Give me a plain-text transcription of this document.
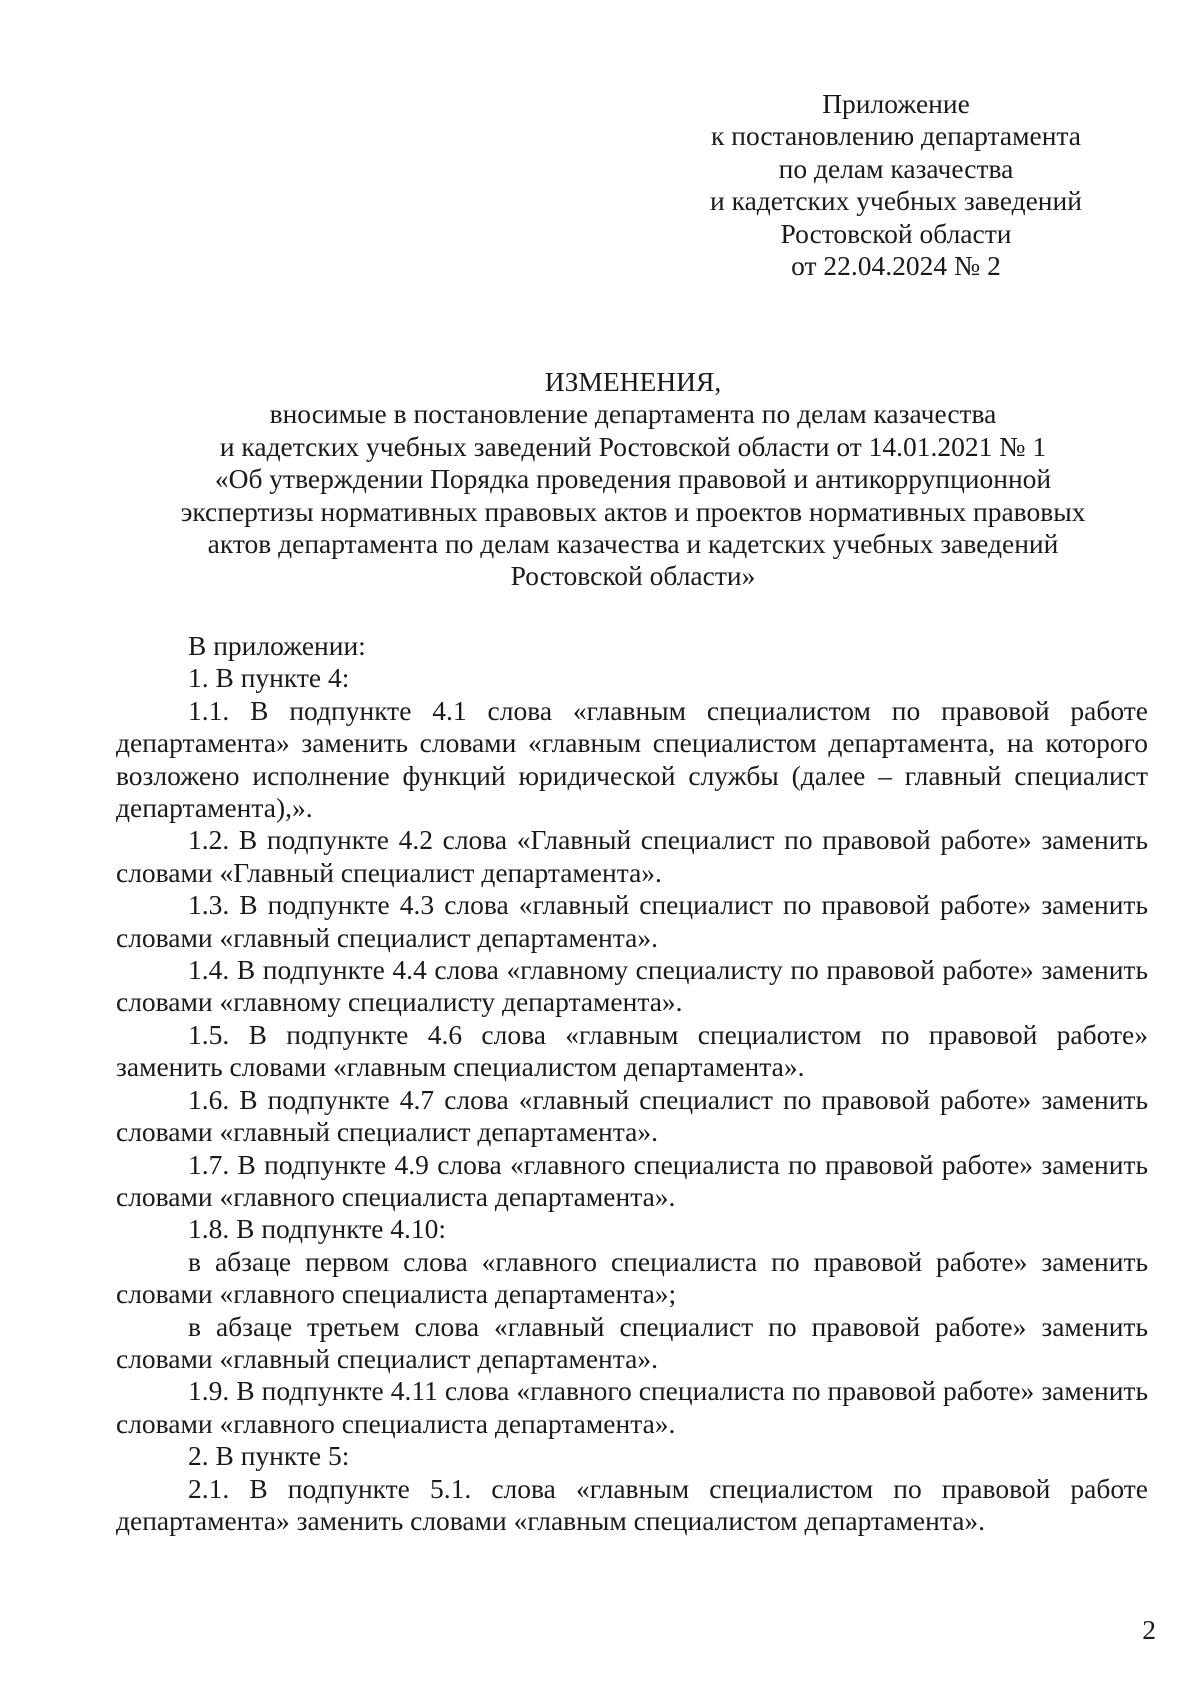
Приложение
к постановлению департамента
по делам казачества
и кадетских учебных заведений
Ростовской области
от 22.04.2024 № 2
ИЗМЕНЕНИЯ,
вносимые в постановление департамента по делам казачества
и кадетских учебных заведений Ростовской области от 14.01.2021 № 1
«Об утверждении Порядка проведения правовой и антикоррупционной
экспертизы нормативных правовых актов и проектов нормативных правовых
актов департамента по делам казачества и кадетских учебных заведений
Ростовской области»

В приложении:

1. В пункте 4:

1.1. В подпункте 4.1 слова «главным специалистом по правовой работе департамента» заменить словами «главным специалистом департамента, на которого возложено исполнение функций юридической службы (далее – главный специалист департамента),».

1.2. В подпункте 4.2 слова «Главный специалист по правовой работе» заменить словами «Главный специалист департамента».

1.3. В подпункте 4.3 слова «главный специалист по правовой работе» заменить словами «главный специалист департамента».

1.4. В подпункте 4.4 слова «главному специалисту по правовой работе» заменить словами «главному специалисту департамента».

1.5. В подпункте 4.6 слова «главным специалистом по правовой работе» заменить словами «главным специалистом департамента».

1.6. В подпункте 4.7 слова «главный специалист по правовой работе» заменить словами «главный специалист департамента».

1.7. В подпункте 4.9 слова «главного специалиста по правовой работе» заменить словами «главного специалиста департамента».

1.8. В подпункте 4.10:

в абзаце первом слова «главного специалиста по правовой работе» заменить словами «главного специалиста департамента»;

в абзаце третьем слова «главный специалист по правовой работе» заменить словами «главный специалист департамента».

1.9. В подпункте 4.11 слова «главного специалиста по правовой работе» заменить словами «главного специалиста департамента».

2. В пункте 5:

2.1. В подпункте 5.1. слова «главным специалистом по правовой работе департамента» заменить словами «главным специалистом департамента».

2
